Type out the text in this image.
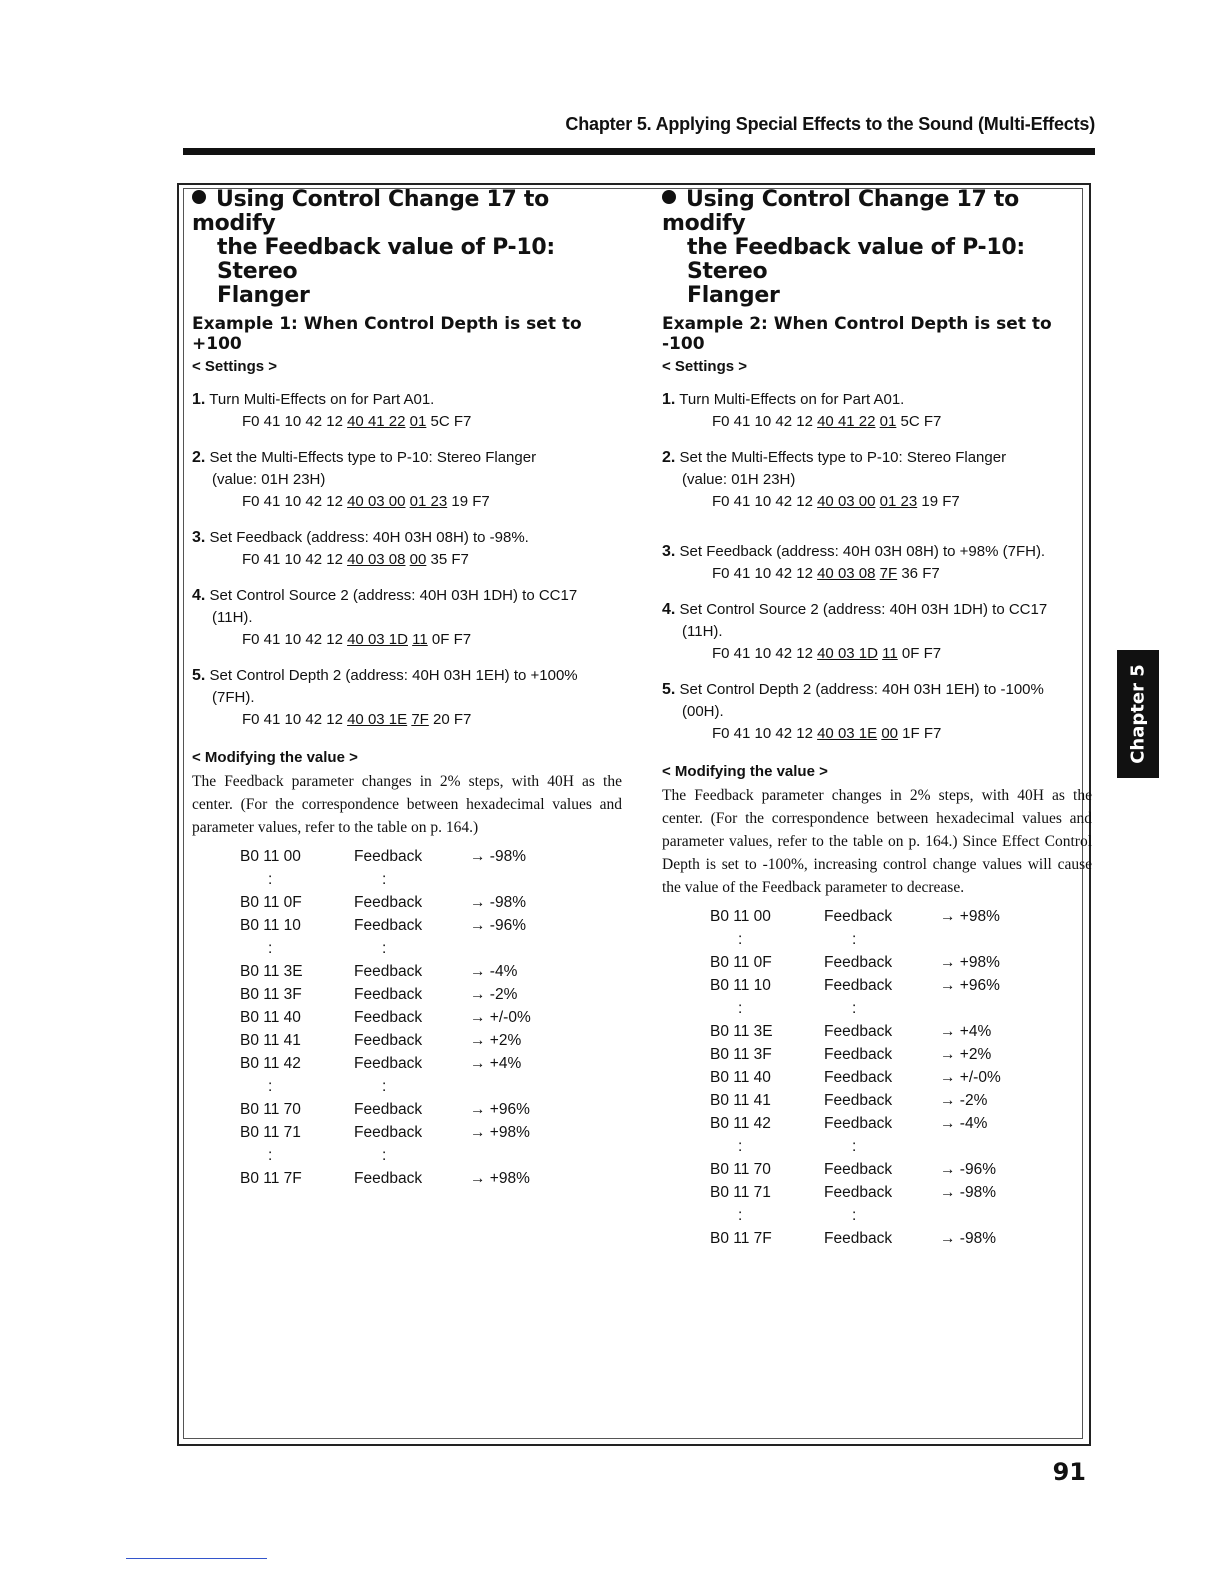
Chapter 5. Applying Special Effects to the Sound (Multi-Effects)
Using Control Change 17 to modify
the Feedback value of P-10: Stereo
Flanger
Example 1: When Control Depth is set to +100
< Settings >
1. Turn Multi-Effects on for Part A01.
F0 41 10 42 12 40 41 22 01 5C F7
2. Set the Multi-Effects type to P-10: Stereo Flanger
(value: 01H 23H)
F0 41 10 42 12 40 03 00 01 23 19 F7
3. Set Feedback (address: 40H 03H 08H) to -98%.
F0 41 10 42 12 40 03 08 00 35 F7
4. Set Control Source 2 (address: 40H 03H 1DH) to CC17
(11H).
F0 41 10 42 12 40 03 1D 11 0F F7
5. Set Control Depth 2 (address: 40H 03H 1EH) to +100%
(7FH).
F0 41 10 42 12 40 03 1E 7F 20 F7
< Modifying the value >
The Feedback parameter changes in 2% steps, with 40H as the center. (For the correspondence between hexadecimal values and parameter values, refer to the table on p. 164.)
B0 11 00	Feedback	→ -98%
:	:	
B0 11 0F	Feedback	→ -98%
B0 11 10	Feedback	→ -96%
:	:	
B0 11 3E	Feedback	→ -4%
B0 11 3F	Feedback	→ -2%
B0 11 40	Feedback	→ +/-0%
B0 11 41	Feedback	→ +2%
B0 11 42	Feedback	→ +4%
:	:	
B0 11 70	Feedback	→ +96%
B0 11 71	Feedback	→ +98%
:	:	
B0 11 7F	Feedback	→ +98%
Using Control Change 17 to modify
the Feedback value of P-10: Stereo
Flanger
Example 2: When Control Depth is set to -100
< Settings >
1. Turn Multi-Effects on for Part A01.
F0 41 10 42 12 40 41 22 01 5C F7
2. Set the Multi-Effects type to P-10: Stereo Flanger
(value: 01H 23H)
F0 41 10 42 12 40 03 00 01 23 19 F7
3. Set Feedback (address: 40H 03H 08H) to +98% (7FH).
F0 41 10 42 12 40 03 08 7F 36 F7
4. Set Control Source 2 (address: 40H 03H 1DH) to CC17
(11H).
F0 41 10 42 12 40 03 1D 11 0F F7
5. Set Control Depth 2 (address: 40H 03H 1EH) to -100%
(00H).
F0 41 10 42 12 40 03 1E 00 1F F7
< Modifying the value >
The Feedback parameter changes in 2% steps, with 40H as the center. (For the correspondence between hexadecimal values and parameter values, refer to the table on p. 164.) Since Effect Control Depth is set to -100%, increasing control change values will cause the value of the Feedback parameter to decrease.
B0 11 00	Feedback	→ +98%
:	:	
B0 11 0F	Feedback	→ +98%
B0 11 10	Feedback	→ +96%
:	:	
B0 11 3E	Feedback	→ +4%
B0 11 3F	Feedback	→ +2%
B0 11 40	Feedback	→ +/-0%
B0 11 41	Feedback	→ -2%
B0 11 42	Feedback	→ -4%
:	:	
B0 11 70	Feedback	→ -96%
B0 11 71	Feedback	→ -98%
:	:	
B0 11 7F	Feedback	→ -98%
Chapter 5
91
